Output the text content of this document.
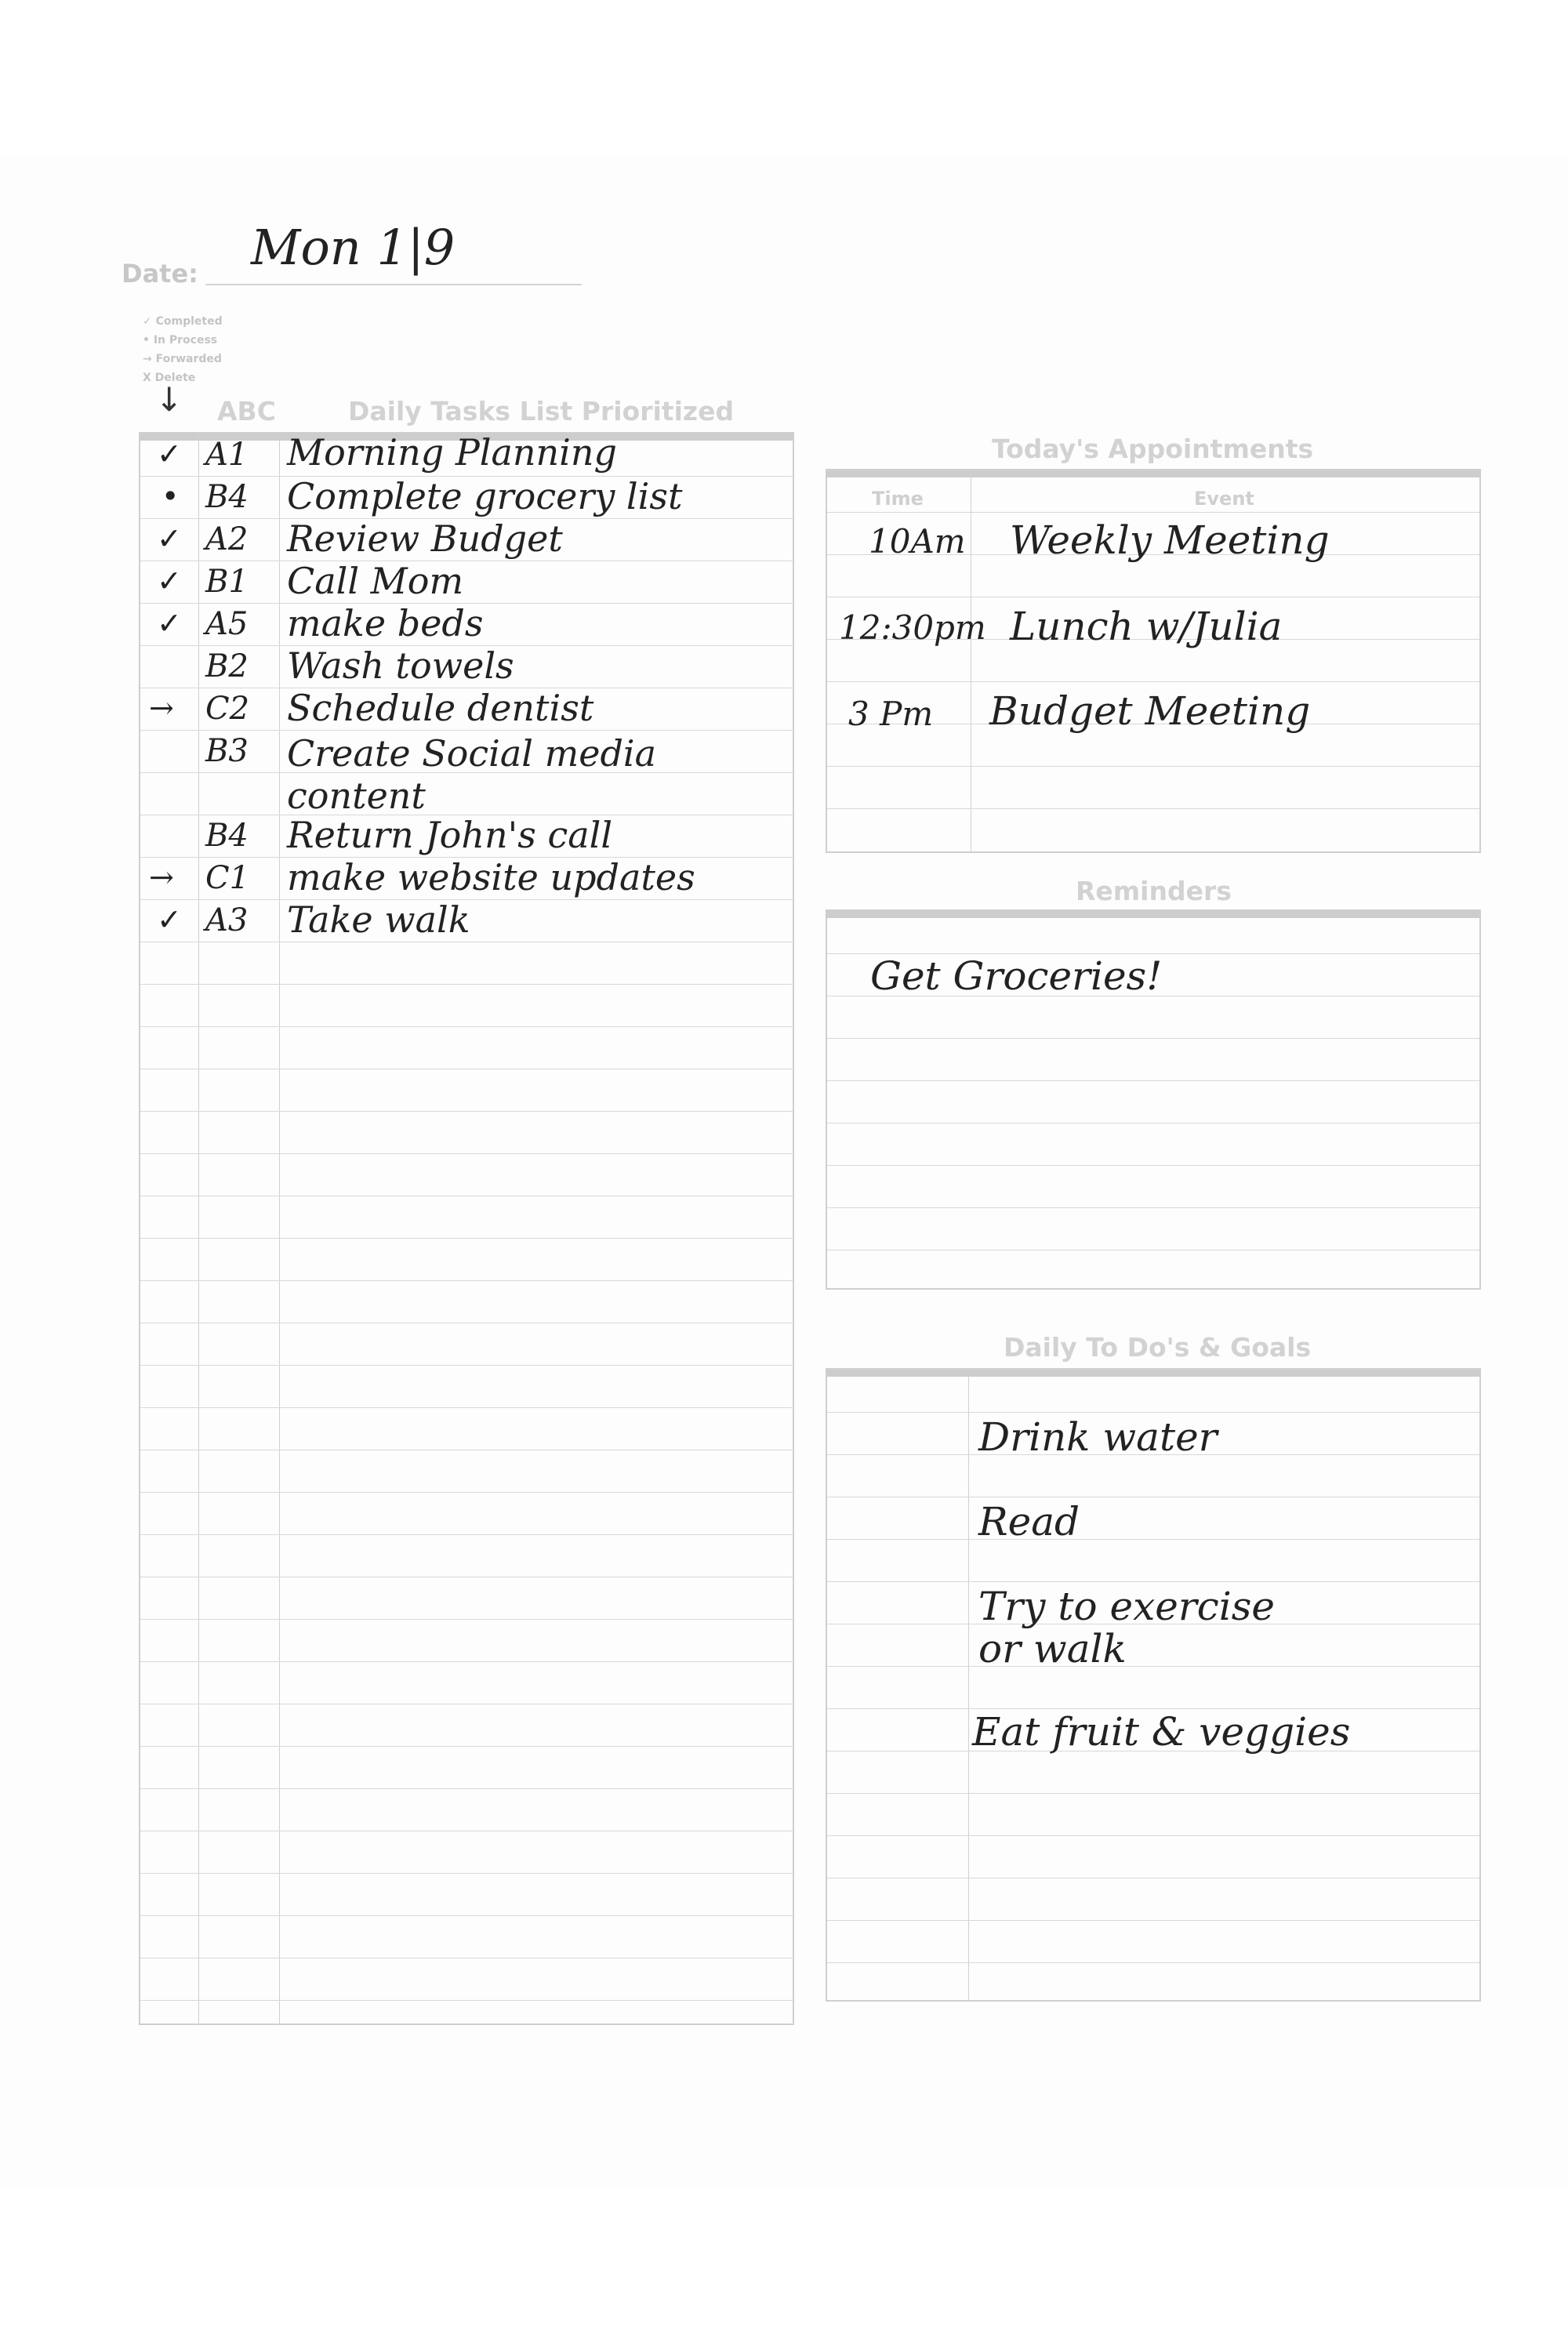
Date: Mon 1|9
✓ Completed
• In Process
→ Forwarded
X Delete
↓ ABC	Daily Tasks List Prioritized
✓ A1 Morning Planning
• B4 Complete grocery list
✓ A2 Review Budget
✓ B1 Call Mom
✓ A5 make beds
B2 Wash towels
→ C2 Schedule dentist
B3 Create Social media content
B4 Return John's call
→ C1 make website updates
✓ A3 Take walk
Today's Appointments
Time	Event
10Am Weekly Meeting
12:30pm Lunch w/Julia
3 Pm Budget Meeting
Reminders
Get Groceries!
Daily To Do's & Goals
Drink water
Read
Try to exercise or walk
Eat fruit & veggies
